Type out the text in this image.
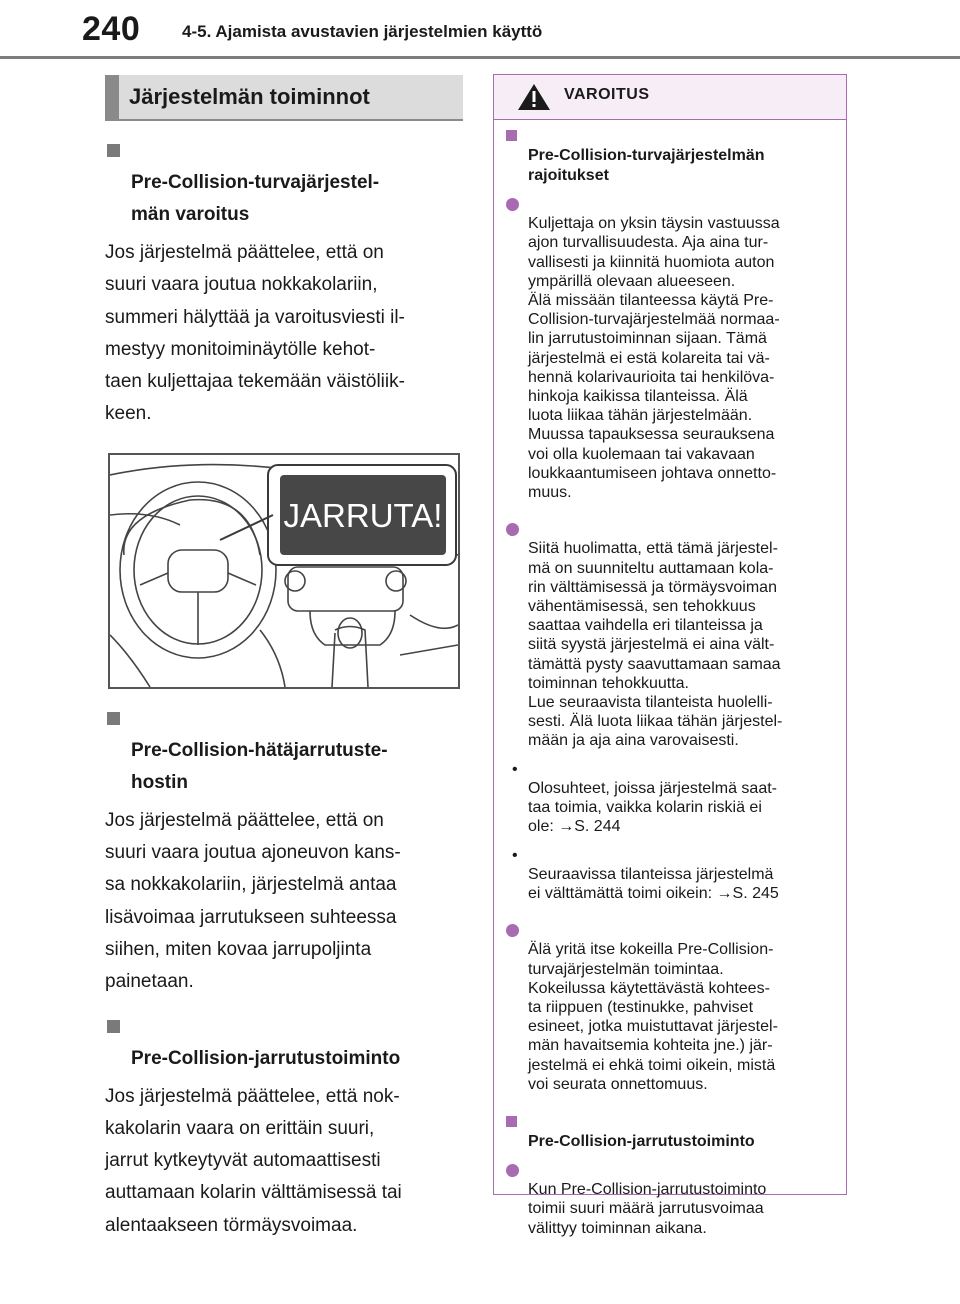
240 4-5. Ajamista avustavien järjestelmien käyttö
Järjestelmän toiminnot

Pre-Collision-turvajärjestel-
män varoitus

Jos järjestelmä päättelee, että on
suuri vaara joutua nokkakolariin,
summeri hälyttää ja varoitusviesti il-
mestyy monitoiminäytölle kehot-
taen kuljettajaa tekemään väistöliik-
keen.
JARRUTA!

Pre-Collision-hätäjarrutuste-
hostin

Jos järjestelmä päättelee, että on
suuri vaara joutua ajoneuvon kans-
sa nokkakolariin, järjestelmä antaa
lisävoimaa jarrutukseen suhteessa
siihen, miten kovaa jarrupoljinta
painetaan.

Pre-Collision-jarrutustoiminto

Jos järjestelmä päättelee, että nok-
kakolarin vaara on erittäin suuri,
jarrut kytkeytyvät automaattisesti
auttamaan kolarin välttämisessä tai
alentaakseen törmäysvoimaa.
VAROITUS

Pre-Collision-turvajärjestelmän
rajoitukset

Kuljettaja on yksin täysin vastuussa
ajon turvallisuudesta. Aja aina tur-
vallisesti ja kiinnitä huomiota auton
ympärillä olevaan alueeseen.
Älä missään tilanteessa käytä Pre-
Collision-turvajärjestelmää normaa-
lin jarrutustoiminnan sijaan. Tämä
järjestelmä ei estä kolareita tai vä-
hennä kolarivaurioita tai henkilöva-
hinkoja kaikissa tilanteissa. Älä
luota liikaa tähän järjestelmään.
Muussa tapauksessa seurauksena
voi olla kuolemaan tai vakavaan
loukkaantumiseen johtava onnetto-
muus.

Siitä huolimatta, että tämä järjestel-
mä on suunniteltu auttamaan kola-
rin välttämisessä ja törmäysvoiman
vähentämisessä, sen tehokkuus
saattaa vaihdella eri tilanteissa ja
siitä syystä järjestelmä ei aina vält-
tämättä pysty saavuttamaan samaa
toiminnan tehokkuutta.
Lue seuraavista tilanteista huolelli-
sesti. Älä luota liikaa tähän järjestel-
mään ja aja aina varovaisesti.

•
Olosuhteet, joissa järjestelmä saat-
taa toimia, vaikka kolarin riskiä ei
ole: →S. 244

•
Seuraavissa tilanteissa järjestelmä
ei välttämättä toimi oikein: →S. 245

Älä yritä itse kokeilla Pre-Collision-
turvajärjestelmän toimintaa.
Kokeilussa käytettävästä kohtees-
ta riippuen (testinukke, pahviset
esineet, jotka muistuttavat järjestel-
män havaitsemia kohteita jne.) jär-
jestelmä ei ehkä toimi oikein, mistä
voi seurata onnettomuus.

Pre-Collision-jarrutustoiminto

Kun Pre-Collision-jarrutustoiminto
toimii suuri määrä jarrutusvoimaa
välittyy toiminnan aikana.
